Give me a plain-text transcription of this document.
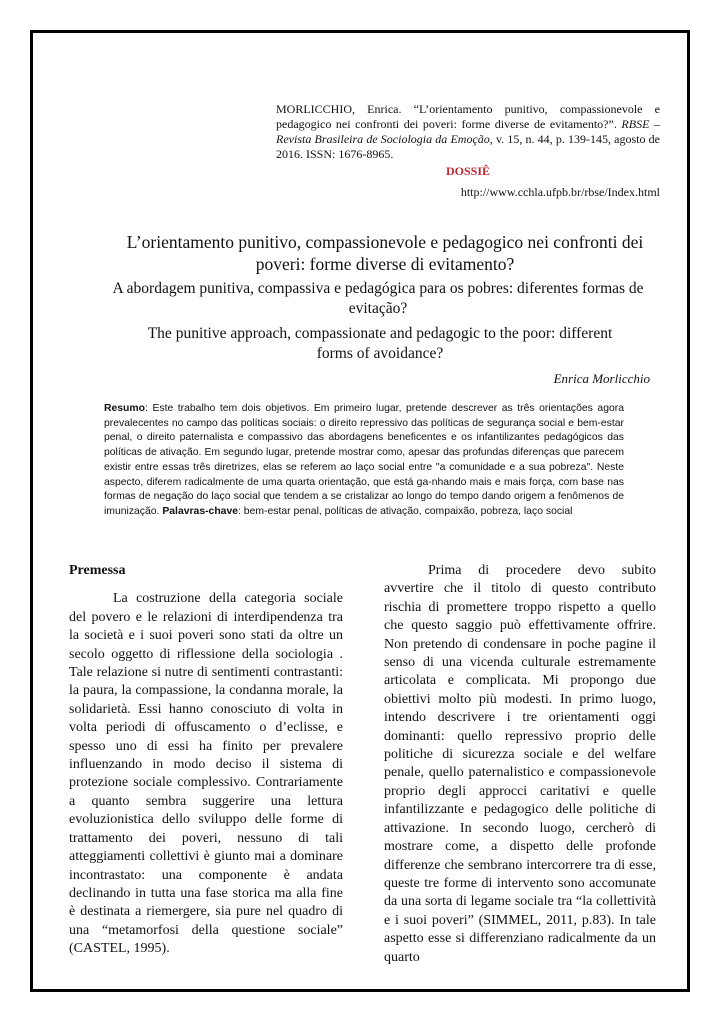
MORLICCHIO, Enrica. “L’orientamento punitivo, compassionevole e pedagogico nei confronti dei poveri: forme diverse de evitamento?”. RBSE – Revista Brasileira de Sociologia da Emoção, v. 15, n. 44, p. 139-145, agosto de 2016. ISSN: 1676-8965.
DOSSIÊ
http://www.cchla.ufpb.br/rbse/Index.html
L’orientamento punitivo, compassionevole e pedagogico nei confronti dei poveri: forme diverse di evitamento?
A abordagem punitiva, compassiva e pedagógica para os pobres: diferentes formas de evitação?
The punitive approach, compassionate and pedagogic to the poor: different forms of avoidance?
Enrica Morlicchio
Resumo: Este trabalho tem dois objetivos. Em primeiro lugar, pretende descrever as três orientações agora prevalecentes no campo das políticas sociais: o direito repressivo das políticas de segurança social e bem-estar penal, o direito paternalista e compassivo das abordagens beneficentes e os infantilizantes pedagógicos das políticas de ativação. Em segundo lugar, pretende mostrar como, apesar das profundas diferenças que parecem existir entre essas três diretrizes, elas se referem ao laço social entre "a comunidade e a sua pobreza". Neste aspecto, diferem radicalmente de uma quarta orientação, que está ga-nhando mais e mais força, com base nas formas de negação do laço social que tendem a se cristalizar ao longo do tempo dando origem a fenômenos de imunização. Palavras-chave: bem-estar penal, políticas de ativação, compaixão, pobreza, laço social
Premessa

La costruzione della categoria sociale del povero e le relazioni di interdipendenza tra la società e i suoi poveri sono stati da oltre un secolo oggetto di riflessione della sociologia . Tale relazione si nutre di sentimenti contrastanti: la paura, la compassione, la condanna morale, la solidarietà. Essi hanno conosciuto di volta in volta periodi di offuscamento o d’eclisse, e spesso uno di essi ha finito per prevalere influenzando in modo deciso il sistema di protezione sociale complessivo. Contrariamente a quanto sembra suggerire una lettura evoluzionistica dello sviluppo delle forme di trattamento dei poveri, nessuno di tali atteggiamenti collettivi è giunto mai a dominare incontrastato: una componente è andata declinando in tutta una fase storica ma alla fine è destinata a riemergere, sia pure nel quadro di una “metamorfosi della questione sociale” (CASTEL, 1995).

Prima di procedere devo subito avvertire che il titolo di questo contributo rischia di promettere troppo rispetto a quello che questo saggio può effettivamente offrire. Non pretendo di condensare in poche pagine il senso di una vicenda culturale estremamente articolata e complicata. Mi propongo due obiettivi molto più modesti. In primo luogo, intendo descrivere i tre orientamenti oggi dominanti: quello repressivo proprio delle politiche di sicurezza sociale e del welfare penale, quello paternalistico e compassionevole proprio degli approcci caritativi e quelle infantilizzante e pedagogico delle politiche di attivazione. In secondo luogo, cercherò di mostrare come, a dispetto delle profonde differenze che sembrano intercorrere tra di esse, queste tre forme di intervento sono accomunate da una sorta di legame sociale tra “la collettività e i suoi poveri” (SIMMEL, 2011, p.83). In tale aspetto esse si differenziano radicalmente da un quarto
